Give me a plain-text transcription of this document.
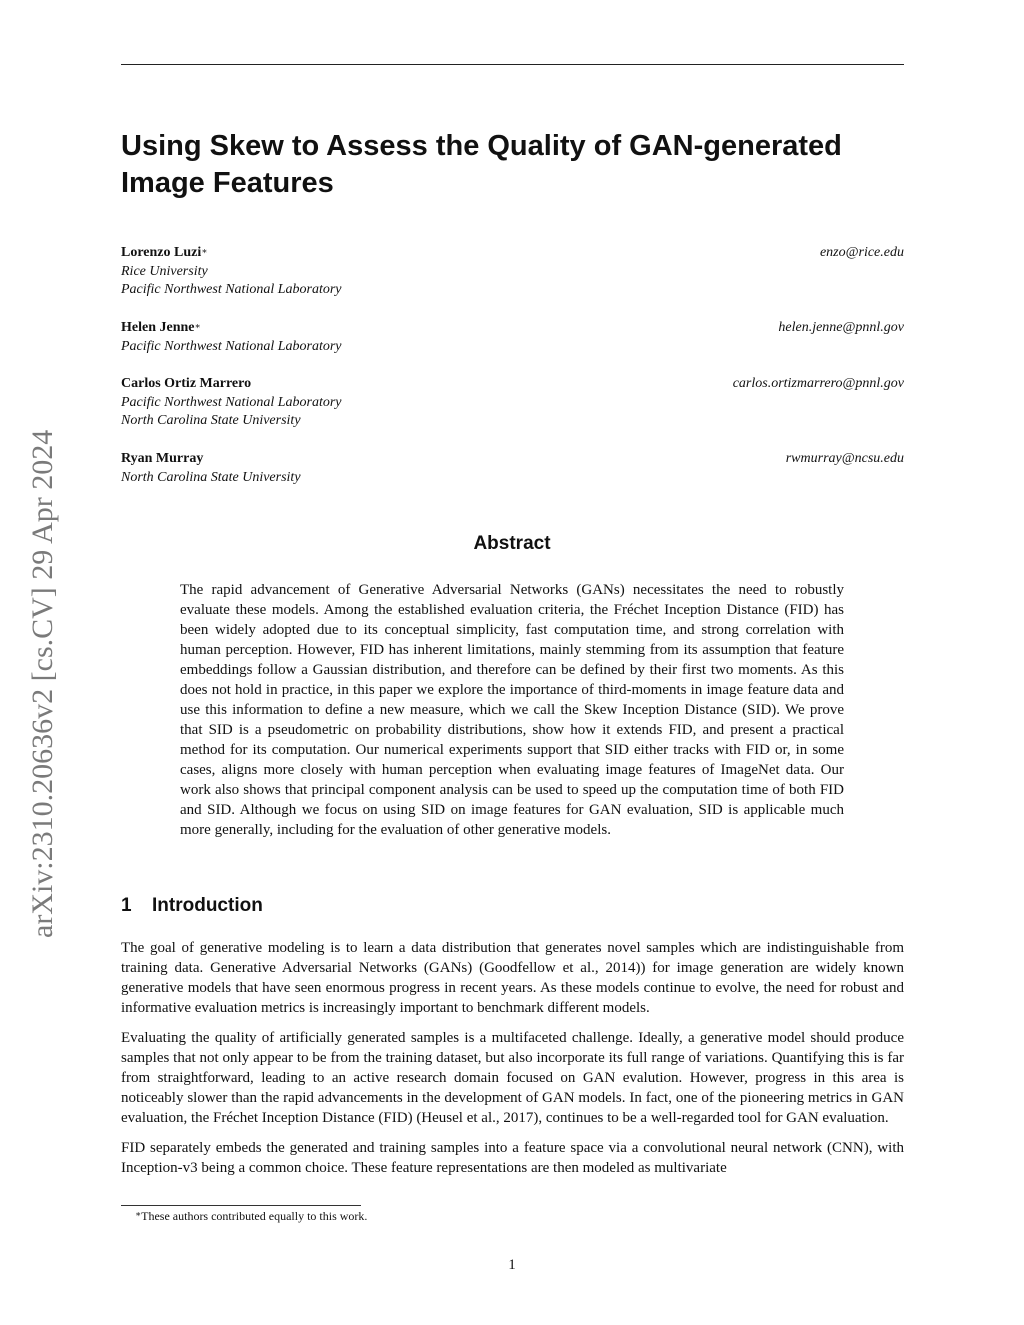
arXiv:2310.20636v2 [cs.CV] 29 Apr 2024
Using Skew to Assess the Quality of GAN-generated Image Features
Lorenzo Luzi∗
Rice University
Pacific Northwest National Laboratory
enzo@rice.edu
Helen Jenne∗
Pacific Northwest National Laboratory
helen.jenne@pnnl.gov
Carlos Ortiz Marrero
Pacific Northwest National Laboratory
North Carolina State University
carlos.ortizmarrero@pnnl.gov
Ryan Murray
North Carolina State University
rwmurray@ncsu.edu
Abstract
The rapid advancement of Generative Adversarial Networks (GANs) necessitates the need to robustly evaluate these models. Among the established evaluation criteria, the Fréchet Inception Distance (FID) has been widely adopted due to its conceptual simplicity, fast computation time, and strong correlation with human perception. However, FID has inherent limitations, mainly stemming from its assumption that feature embeddings follow a Gaussian distribution, and therefore can be defined by their first two moments. As this does not hold in practice, in this paper we explore the importance of third-moments in image feature data and use this information to define a new measure, which we call the Skew Inception Distance (SID). We prove that SID is a pseudometric on probability distributions, show how it extends FID, and present a practical method for its computation. Our numerical experiments support that SID either tracks with FID or, in some cases, aligns more closely with human perception when evaluating image features of ImageNet data. Our work also shows that principal component analysis can be used to speed up the computation time of both FID and SID. Although we focus on using SID on image features for GAN evaluation, SID is applicable much more generally, including for the evaluation of other generative models.
1 Introduction

The goal of generative modeling is to learn a data distribution that generates novel samples which are indistinguishable from training data. Generative Adversarial Networks (GANs) (Goodfellow et al., 2014)) for image generation are widely known generative models that have seen enormous progress in recent years. As these models continue to evolve, the need for robust and informative evaluation metrics is increasingly important to benchmark different models.

Evaluating the quality of artificially generated samples is a multifaceted challenge. Ideally, a generative model should produce samples that not only appear to be from the training dataset, but also incorporate its full range of variations. Quantifying this is far from straightforward, leading to an active research domain focused on GAN evalution. However, progress in this area is noticeably slower than the rapid advancements in the development of GAN models. In fact, one of the pioneering metrics in GAN evaluation, the Fréchet Inception Distance (FID) (Heusel et al., 2017), continues to be a well-regarded tool for GAN evaluation.

FID separately embeds the generated and training samples into a feature space via a convolutional neural network (CNN), with Inception-v3 being a common choice. These feature representations are then modeled as multivariate

∗These authors contributed equally to this work.
1
